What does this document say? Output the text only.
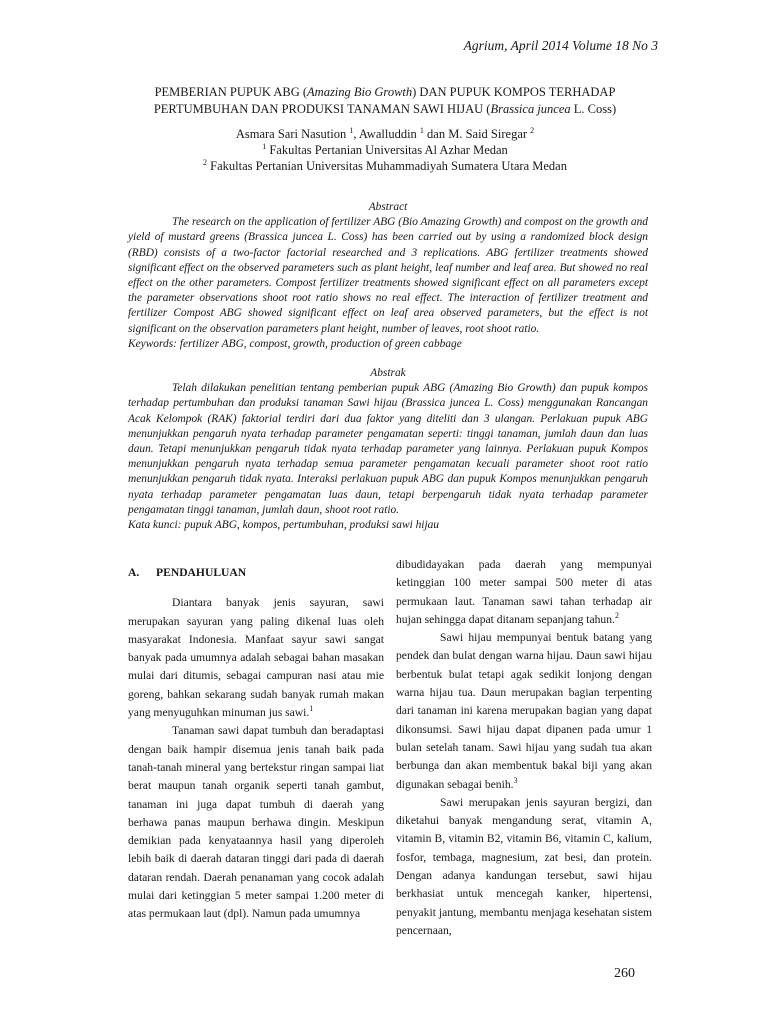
Agrium, April 2014 Volume 18 No 3
PEMBERIAN PUPUK ABG (Amazing Bio Growth) DAN PUPUK KOMPOS TERHADAP
PERTUMBUHAN DAN PRODUKSI TANAMAN SAWI HIJAU (Brassica juncea L. Coss)
Asmara Sari Nasution $^1$, Awalluddin $^1$ dan M. Said Siregar $^2$
$^1$ Fakultas Pertanian Universitas Al Azhar Medan
$^2$ Fakultas Pertanian Universitas Muhammadiyah Sumatera Utara Medan
Abstract
The research on the application of fertilizer ABG (Bio Amazing Growth) and compost on the growth and yield of mustard greens (Brassica juncea L. Coss) has been carried out by using a randomized block design (RBD) consists of a two-factor factorial researched and 3 replications. ABG fertilizer treatments showed significant effect on the observed parameters such as plant height, leaf number and leaf area. But showed no real effect on the other parameters. Compost fertilizer treatments showed significant effect on all parameters except the parameter observations shoot root ratio shows no real effect. The interaction of fertilizer treatment and fertilizer Compost ABG showed significant effect on leaf area observed parameters, but the effect is not significant on the observation parameters plant height, number of leaves, root shoot ratio.
Keywords: fertilizer ABG, compost, growth, production of green cabbage
Abstrak
Telah dilakukan penelitian tentang pemberian pupuk ABG (Amazing Bio Growth) dan pupuk kompos terhadap pertumbuhan dan produksi tanaman Sawi hijau (Brassica juncea L. Coss) menggunakan Rancangan Acak Kelompok (RAK) faktorial terdiri dari dua faktor yang diteliti dan 3 ulangan. Perlakuan pupuk ABG menunjukkan pengaruh nyata terhadap parameter pengamatan seperti: tinggi tanaman, jumlah daun dan luas daun. Tetapi menunjukkan pengaruh tidak nyata terhadap parameter yang lainnya. Perlakuan pupuk Kompos menunjukkan pengaruh nyata terhadap semua parameter pengamatan kecuali parameter shoot root ratio menunjukkan pengaruh tidak nyata. Interaksi perlakuan pupuk ABG dan pupuk Kompos menunjukkan pengaruh nyata terhadap parameter pengamatan luas daun, tetapi berpengaruh tidak nyata terhadap parameter pengamatan tinggi tanaman, jumlah daun, shoot root ratio.
Kata kunci: pupuk ABG, kompos, pertumbuhan, produksi sawi hijau

A. PENDAHULUAN

Diantara banyak jenis sayuran, sawi merupakan sayuran yang paling dikenal luas oleh masyarakat Indonesia. Manfaat sayur sawi sangat banyak pada umumnya adalah sebagai bahan masakan mulai dari ditumis, sebagai campuran nasi atau mie goreng, bahkan sekarang sudah banyak rumah makan yang menyuguhkan minuman jus sawi.$^1$

Tanaman sawi dapat tumbuh dan beradaptasi dengan baik hampir disemua jenis tanah baik pada tanah-tanah mineral yang bertekstur ringan sampai liat berat maupun tanah organik seperti tanah gambut, tanaman ini juga dapat tumbuh di daerah yang berhawa panas maupun berhawa dingin. Meskipun demikian pada kenyataannya hasil yang diperoleh lebih baik di daerah dataran tinggi dari pada di daerah dataran rendah. Daerah penanaman yang cocok adalah mulai dari ketinggian 5 meter sampai 1.200 meter di atas permukaan laut (dpl). Namun pada umumnya

dibudidayakan pada daerah yang mempunyai ketinggian 100 meter sampai 500 meter di atas permukaan laut. Tanaman sawi tahan terhadap air hujan sehingga dapat ditanam sepanjang tahun.$^2$

Sawi hijau mempunyai bentuk batang yang pendek dan bulat dengan warna hijau. Daun sawi hijau berbentuk bulat tetapi agak sedikit lonjong dengan warna hijau tua. Daun merupakan bagian terpenting dari tanaman ini karena merupakan bagian yang dapat dikonsumsi. Sawi hijau dapat dipanen pada umur 1 bulan setelah tanam. Sawi hijau yang sudah tua akan berbunga dan akan membentuk bakal biji yang akan digunakan sebagai benih.$^3$

Sawi merupakan jenis sayuran bergizi, dan diketahui banyak mengandung serat, vitamin A, vitamin B, vitamin B2, vitamin B6, vitamin C, kalium, fosfor, tembaga, magnesium, zat besi, dan protein. Dengan adanya kandungan tersebut, sawi hijau berkhasiat untuk mencegah kanker, hipertensi, penyakit jantung, membantu menjaga kesehatan sistem pencernaan,

260
